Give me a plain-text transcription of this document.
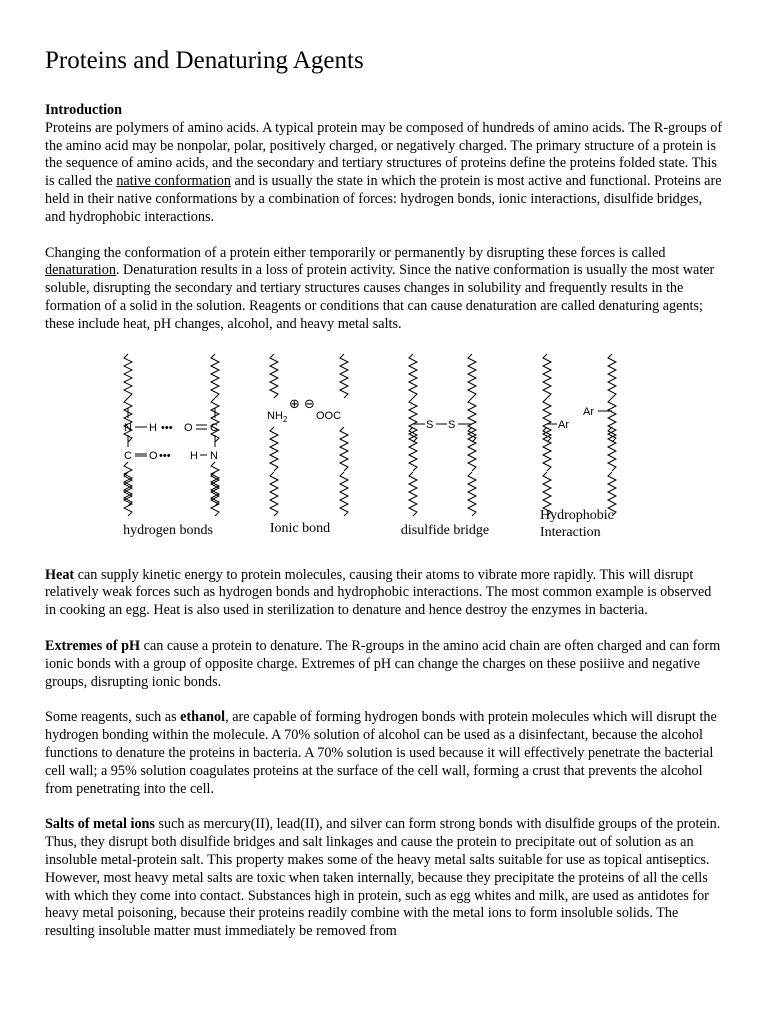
Proteins and Denaturing Agents

Introduction
Proteins are polymers of amino acids. A typical protein may be composed of hundreds of amino acids. The R-groups of the amino acid may be nonpolar, polar, positively charged, or negatively charged. The primary structure of a protein is the sequence of amino acids, and the secondary and tertiary structures of proteins define the proteins folded state. This is called the native conformation and is usually the state in which the protein is most active and functional. Proteins are held in their native conformations by a combination of forces: hydrogen bonds, ionic interactions, disulfide bridges, and hydrophobic interactions.

Changing the conformation of a protein either temporarily or permanently by disrupting these forces is called denaturation. Denaturation results in a loss of protein activity. Since the native conformation is usually the most water soluble, disrupting the secondary and tertiary structures causes changes in solubility and frequently results in the formation of a solid in the solution. Reagents or conditions that can cause denaturation are called denaturing agents; these include heat, pH changes, alcohol, and heavy metal salts.

N H ••• O C
C O ••• H N
$NH_2$
⊕ ⊖
OOC
S S
Ar
Ar
hydrogen bonds	Ionic bond	disulfide bridge
Hydrophobic
Interaction

Heat can supply kinetic energy to protein molecules, causing their atoms to vibrate more rapidly. This will disrupt relatively weak forces such as hydrogen bonds and hydrophobic interactions. The most common example is observed in cooking an egg. Heat is also used in sterilization to denature and hence destroy the enzymes in bacteria.

Extremes of pH can cause a protein to denature. The R-groups in the amino acid chain are often charged and can form ionic bonds with a group of opposite charge. Extremes of pH can change the charges on these posiiive and negative groups, disrupting ionic bonds.

Some reagents, such as ethanol, are capable of forming hydrogen bonds with protein molecules which will disrupt the hydrogen bonding within the molecule. A 70% solution of alcohol can be used as a disinfectant, because the alcohol functions to denature the proteins in bacteria. A 70% solution is used because it will effectively penetrate the bacterial cell wall; a 95% solution coagulates proteins at the surface of the cell wall, forming a crust that prevents the alcohol from penetrating into the cell.

Salts of metal ions such as mercury(II), lead(II), and silver can form strong bonds with disulfide groups of the protein. Thus, they disrupt both disulfide bridges and salt linkages and cause the protein to precipitate out of solution as an insoluble metal-protein salt. This property makes some of the heavy metal salts suitable for use as topical antiseptics. However, most heavy metal salts are toxic when taken internally, because they precipitate the proteins of all the cells with which they come into contact. Substances high in protein, such as egg whites and milk, are used as antidotes for heavy metal poisoning, because their proteins readily combine with the metal ions to form insoluble solids. The resulting insoluble matter must immediately be removed from
